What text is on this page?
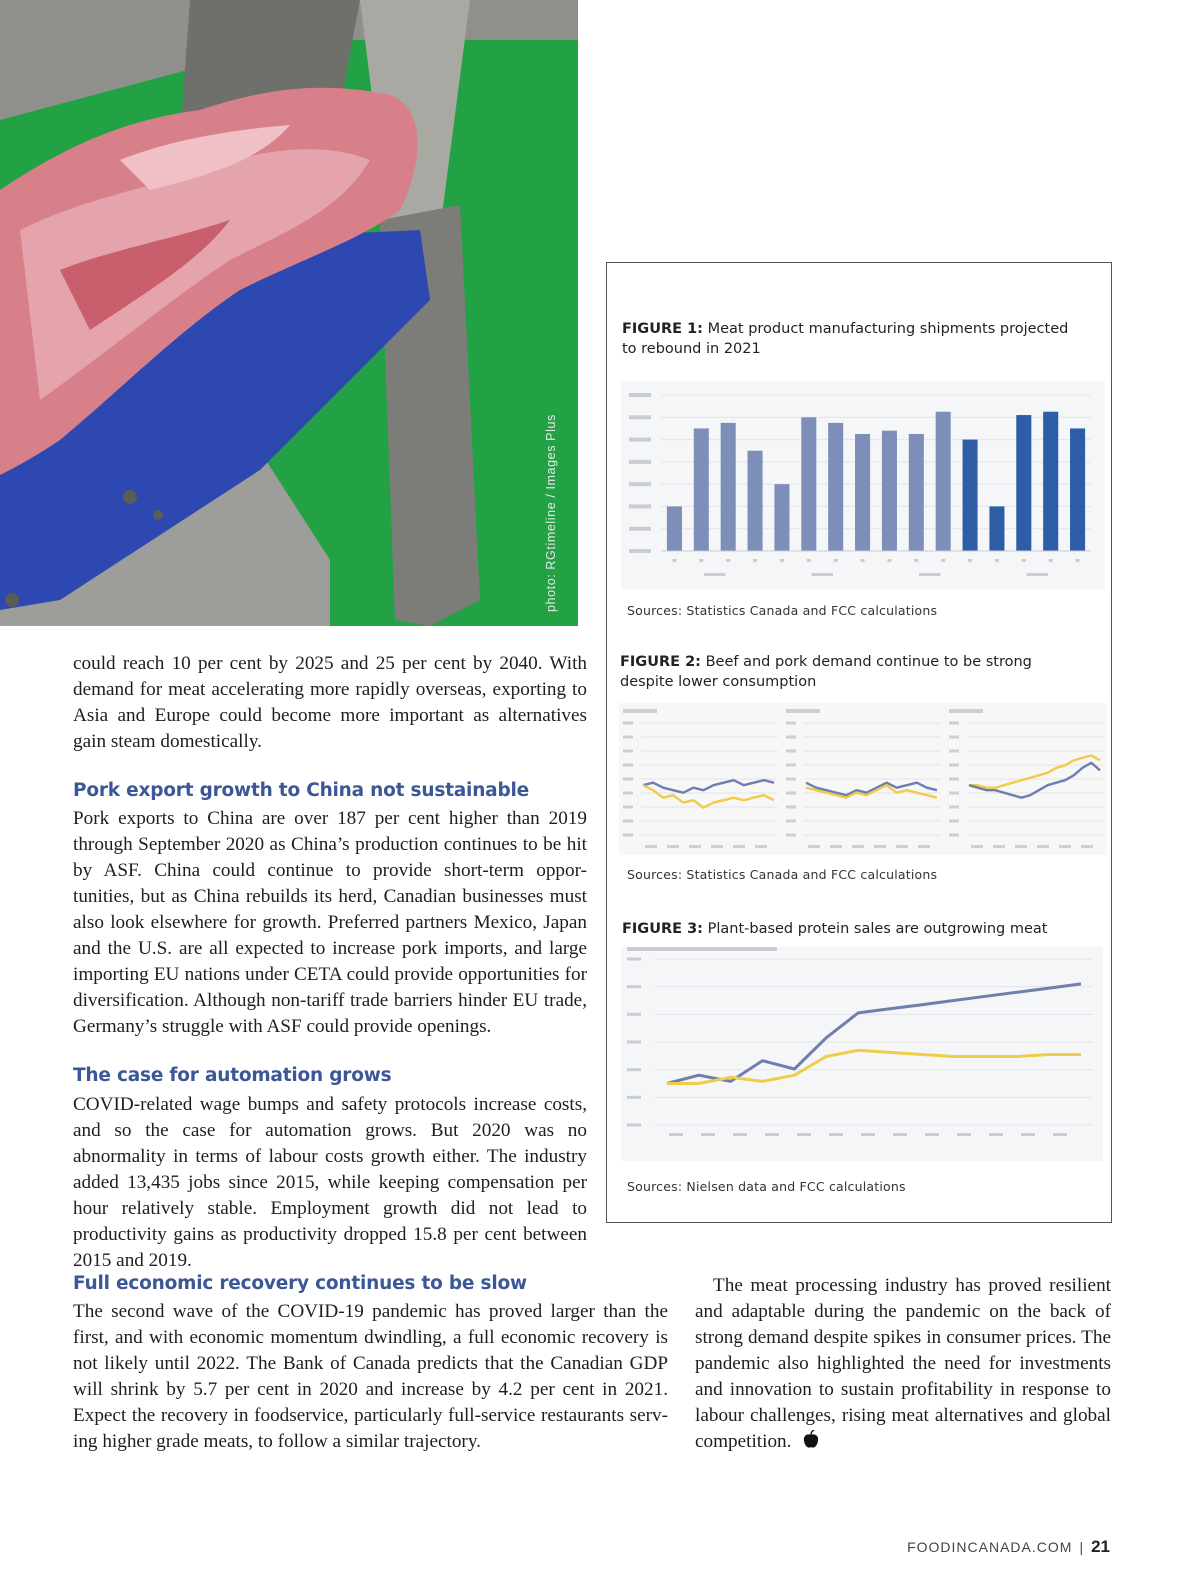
photo: RGtimeline / Images Plus
FIGURE 1: Meat product manufacturing shipments projected
to rebound in 2021
Sources: Statistics Canada and FCC calculations
FIGURE 2: Beef and pork demand continue to be strong
despite lower consumption
Sources: Statistics Canada and FCC calculations
FIGURE 3: Plant-based protein sales are outgrowing meat
Sources: Nielsen data and FCC calculations
could reach 10 per cent by 2025 and 25 per cent by 2040. With demand for meat accelerating more rapidly overseas, exporting to Asia and Europe could become more important as alternatives gain steam domestically.
Pork export growth to China not sustainable
Pork exports to China are over 187 per cent higher than 2019 through September 2020 as China’s production continues to be hit by ASF. China could continue to provide short-term oppor-tunities, but as China rebuilds its herd, Canadian businesses must also look elsewhere for growth. Preferred partners Mexico, Japan and the U.S. are all expected to increase pork imports, and large importing EU nations under CETA could provide opportunities for diversification. Although non-tariff trade barriers hinder EU trade, Germany’s struggle with ASF could provide openings.
The case for automation grows
COVID-related wage bumps and safety protocols increase costs, and so the case for automation grows. But 2020 was no abnormality in terms of labour costs growth either. The industry added 13,435 jobs since 2015, while keeping compensation per hour relatively stable. Employment growth did not lead to productivity gains as productivity dropped 15.8 per cent between 2015 and 2019.
Full economic recovery continues to be slow
The second wave of the COVID-19 pandemic has proved larger than the first, and with economic momentum dwindling, a full economic recovery is not likely until 2022. The Bank of Canada predicts that the Canadian GDP will shrink by 5.7 per cent in 2020 and increase by 4.2 per cent in 2021. Expect the recovery in foodservice, particularly full-service restaurants serv-ing higher grade meats, to follow a similar trajectory.
The meat processing industry has proved resilient and adaptable during the pandemic on the back of strong demand despite spikes in consumer prices. The pandemic also highlighted the need for investments and innovation to sustain profitability in response to labour challenges, rising meat alternatives and global competition.
FOODINCANADA.COM | 21
